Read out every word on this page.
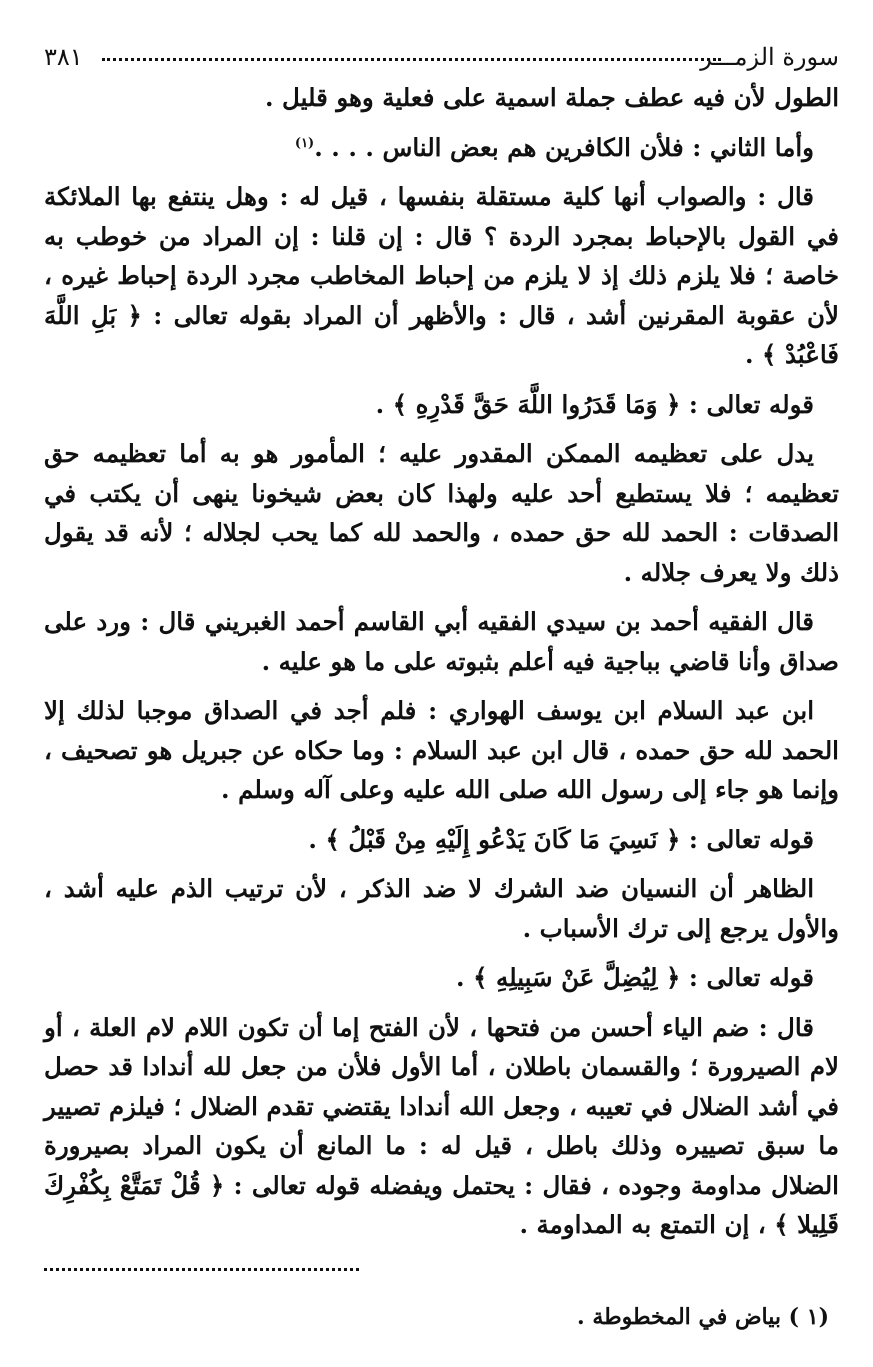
سورة الزمـــر
٣٨١

الطول لأن فيه عطف جملة اسمية على فعلية وهو قليل .

وأما الثاني : فلأن الكافرين هم بعض الناس . . . .$^{(١)}$

قال : والصواب أنها كلية مستقلة بنفسها ، قيل له : وهل ينتفع بها الملائكة في القول بالإحباط بمجرد الردة ؟ قال : إن قلنا : إن المراد من خوطب به خاصة ؛ فلا يلزم ذلك إذ لا يلزم من إحباط المخاطب مجرد الردة إحباط غيره ، لأن عقوبة المقرنين أشد ، قال : والأظهر أن المراد بقوله تعالى : ﴿ بَلِ اللَّهَ فَاعْبُدْ ﴾ .

قوله تعالى : ﴿ وَمَا قَدَرُوا اللَّهَ حَقَّ قَدْرِهِ ﴾ .

يدل على تعظيمه الممكن المقدور عليه ؛ المأمور هو به أما تعظيمه حق تعظيمه ؛ فلا يستطيع أحد عليه ولهذا كان بعض شيخونا ينهى أن يكتب في الصدقات : الحمد لله حق حمده ، والحمد لله كما يحب لجلاله ؛ لأنه قد يقول ذلك ولا يعرف جلاله .

قال الفقيه أحمد بن سيدي الفقيه أبي القاسم أحمد الغبريني قال : ورد على صداق وأنا قاضي بباجية فيه أعلم بثبوته على ما هو عليه .

ابن عبد السلام ابن يوسف الهواري : فلم أجد في الصداق موجبا لذلك إلا الحمد لله حق حمده ، قال ابن عبد السلام : وما حكاه عن جبريل هو تصحيف ، وإنما هو جاء إلى رسول الله صلى الله عليه وعلى آله وسلم .

قوله تعالى : ﴿ نَسِيَ مَا كَانَ يَدْعُو إِلَيْهِ مِنْ قَبْلُ ﴾ .

الظاهر أن النسيان ضد الشرك لا ضد الذكر ، لأن ترتيب الذم عليه أشد ، والأول يرجع إلى ترك الأسباب .

قوله تعالى : ﴿ لِيُضِلَّ عَنْ سَبِيلِهِ ﴾ .

قال : ضم الياء أحسن من فتحها ، لأن الفتح إما أن تكون اللام لام العلة ، أو لام الصيرورة ؛ والقسمان باطلان ، أما الأول فلأن من جعل لله أندادا قد حصل في أشد الضلال في تعيبه ، وجعل الله أندادا يقتضي تقدم الضلال ؛ فيلزم تصيير ما سبق تصييره وذلك باطل ، قيل له : ما المانع أن يكون المراد بصيرورة الضلال مداومة وجوده ، فقال : يحتمل ويفضله قوله تعالى : ﴿ قُلْ تَمَتَّعْ بِكُفْرِكَ قَلِيلا ﴾ ، إن التمتع به المداومة .

(١ ) بياض في المخطوطة .
